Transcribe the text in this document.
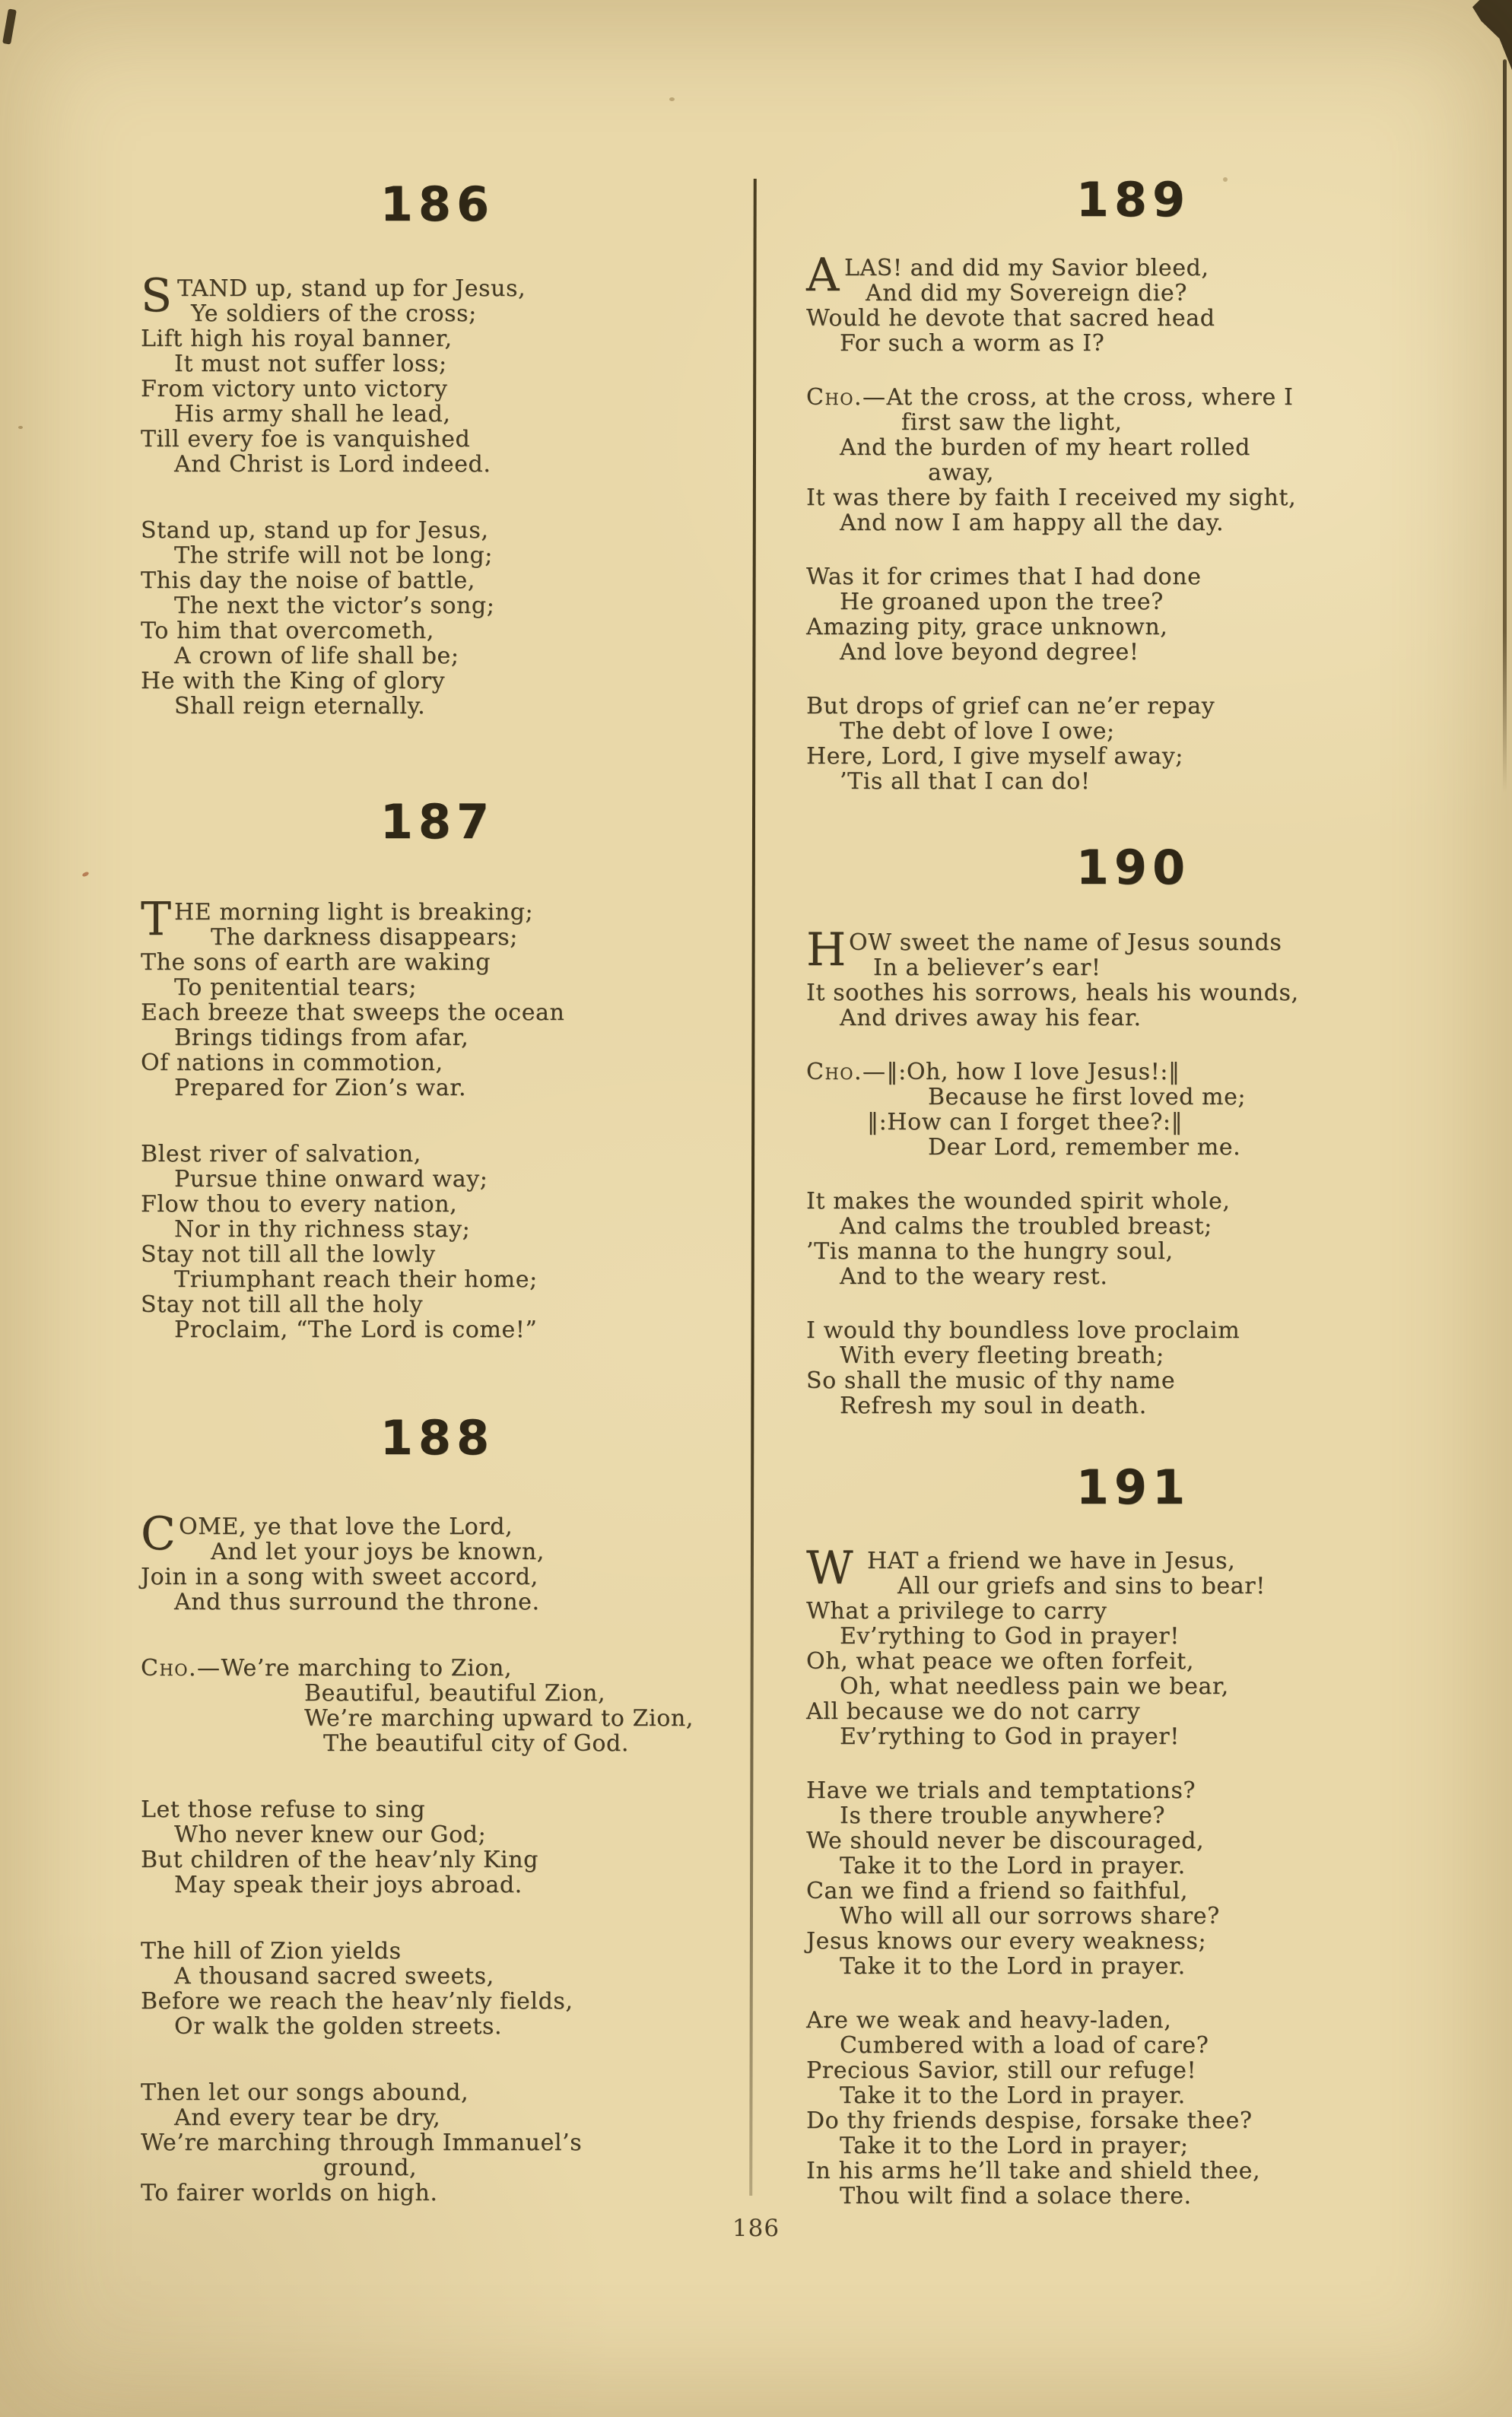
186
S TAND up, stand up for Jesus,
Ye soldiers of the cross;
Lift high his royal banner,
It must not suffer loss;
From victory unto victory
His army shall he lead,
Till every foe is vanquished
And Christ is Lord indeed.
Stand up, stand up for Jesus,
The strife will not be long;
This day the noise of battle,
The next the victor’s song;
To him that overcometh,
A crown of life shall be;
He with the King of glory
Shall reign eternally.
187
T HE morning light is breaking;
The darkness disappears;
The sons of earth are waking
To penitential tears;
Each breeze that sweeps the ocean
Brings tidings from afar,
Of nations in commotion,
Prepared for Zion’s war.
Blest river of salvation,
Pursue thine onward way;
Flow thou to every nation,
Nor in thy richness stay;
Stay not till all the lowly
Triumphant reach their home;
Stay not till all the holy
Proclaim, “The Lord is come!”
188
C OME, ye that love the Lord,
And let your joys be known,
Join in a song with sweet accord,
And thus surround the throne.
Cho.—We’re marching to Zion,
Beautiful, beautiful Zion,
We’re marching upward to Zion,
The beautiful city of God.
Let those refuse to sing
Who never knew our God;
But children of the heav’nly King
May speak their joys abroad.
The hill of Zion yields
A thousand sacred sweets,
Before we reach the heav’nly fields,
Or walk the golden streets.
Then let our songs abound,
And every tear be dry,
We’re marching through Immanuel’s
ground,
To fairer worlds on high.
189
A LAS! and did my Savior bleed,
And did my Sovereign die?
Would he devote that sacred head
For such a worm as I?
Cho.—At the cross, at the cross, where I
first saw the light,
And the burden of my heart rolled
away,
It was there by faith I received my sight,
And now I am happy all the day.
Was it for crimes that I had done
He groaned upon the tree?
Amazing pity, grace unknown,
And love beyond degree!
But drops of grief can ne’er repay
The debt of love I owe;
Here, Lord, I give myself away;
’Tis all that I can do!
190
H OW sweet the name of Jesus sounds
In a believer’s ear!
It soothes his sorrows, heals his wounds,
And drives away his fear.
Cho.—‖:Oh, how I love Jesus!:‖
Because he first loved me;
‖:How can I forget thee?:‖
Dear Lord, remember me.
It makes the wounded spirit whole,
And calms the troubled breast;
’Tis manna to the hungry soul,
And to the weary rest.
I would thy boundless love proclaim
With every fleeting breath;
So shall the music of thy name
Refresh my soul in death.
191
W HAT a friend we have in Jesus,
All our griefs and sins to bear!
What a privilege to carry
Ev’rything to God in prayer!
Oh, what peace we often forfeit,
Oh, what needless pain we bear,
All because we do not carry
Ev’rything to God in prayer!
Have we trials and temptations?
Is there trouble anywhere?
We should never be discouraged,
Take it to the Lord in prayer.
Can we find a friend so faithful,
Who will all our sorrows share?
Jesus knows our every weakness;
Take it to the Lord in prayer.
Are we weak and heavy-laden,
Cumbered with a load of care?
Precious Savior, still our refuge!
Take it to the Lord in prayer.
Do thy friends despise, forsake thee?
Take it to the Lord in prayer;
In his arms he’ll take and shield thee,
Thou wilt find a solace there.
186
